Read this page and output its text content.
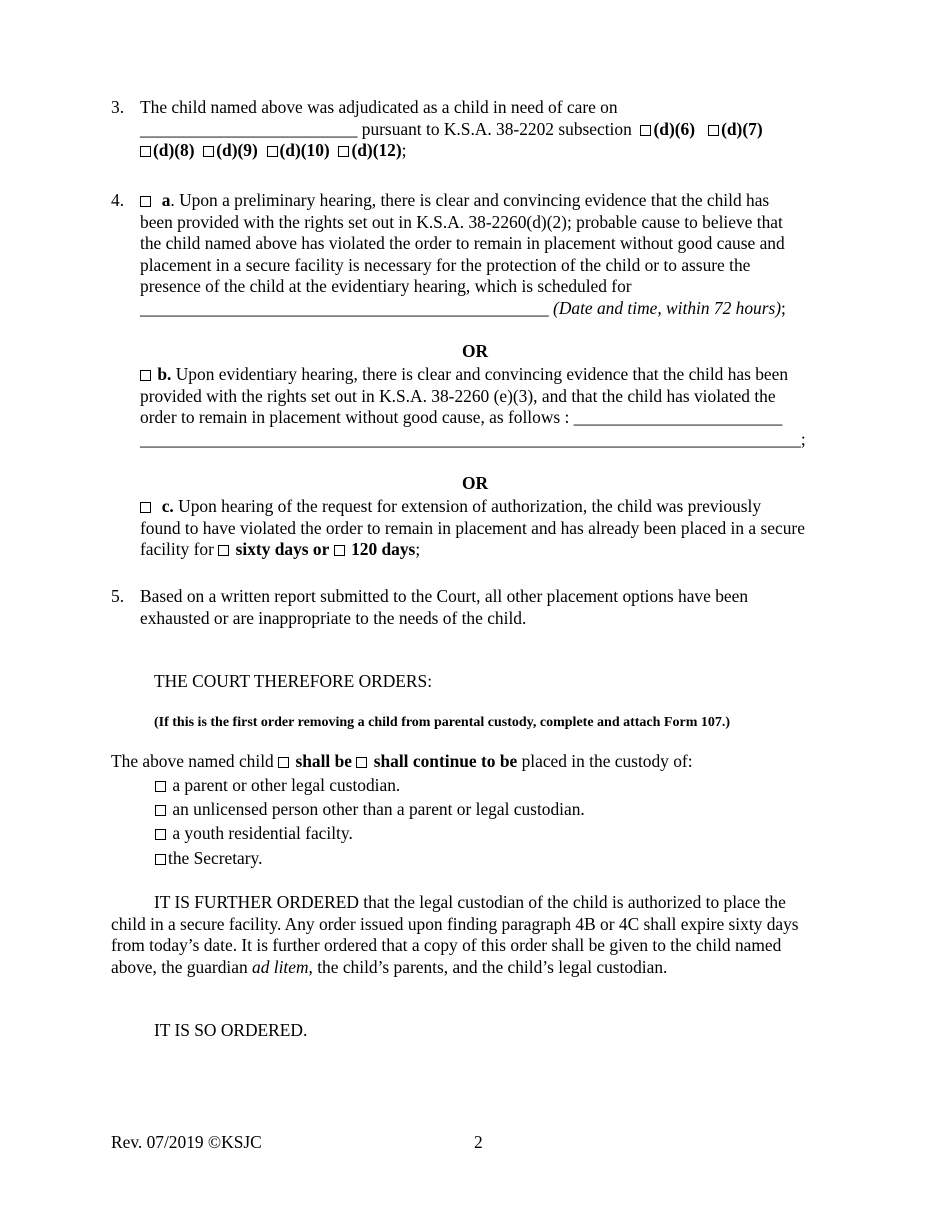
3. The child named above was adjudicated as a child in need of care on
_________________________ pursuant to K.S.A. 38-2202 subsection (d)(6) (d)(7)
(d)(8) (d)(9) (d)(10) (d)(12);
4.	a. Upon a preliminary hearing, there is clear and convincing evidence that the child has
been provided with the rights set out in K.S.A. 38-2260(d)(2); probable cause to believe that
the child named above has violated the order to remain in placement without good cause and
placement in a secure facility is necessary for the protection of the child or to assure the
presence of the child at the evidentiary hearing, which is scheduled for
_______________________________________________ (Date and time, within 72 hours);
OR
b. Upon evidentiary hearing, there is clear and convincing evidence that the child has been
provided with the rights set out in K.S.A. 38-2260 (e)(3), and that the child has violated the
order to remain in placement without good cause, as follows : ________________________
____________________________________________________________________________;
OR
c. Upon hearing of the request for extension of authorization, the child was previously
found to have violated the order to remain in placement and has already been placed in a secure
facility for sixty days or 120 days;
5. Based on a written report submitted to the Court, all other placement options have been
exhausted or are inappropriate to the needs of the child.
THE COURT THEREFORE ORDERS:
(If this is the first order removing a child from parental custody, complete and attach Form 107.)
The above named child shall be shall continue to be placed in the custody of:
a parent or other legal custodian.
an unlicensed person other than a parent or legal custodian.
a youth residential facilty.
the Secretary.
IT IS FURTHER ORDERED that the legal custodian of the child is authorized to place the
child in a secure facility. Any order issued upon finding paragraph 4B or 4C shall expire sixty days
from today’s date. It is further ordered that a copy of this order shall be given to the child named
above, the guardian ad litem, the child’s parents, and the child’s legal custodian.
IT IS SO ORDERED.
Rev. 07/2019 ©KSJC	2
